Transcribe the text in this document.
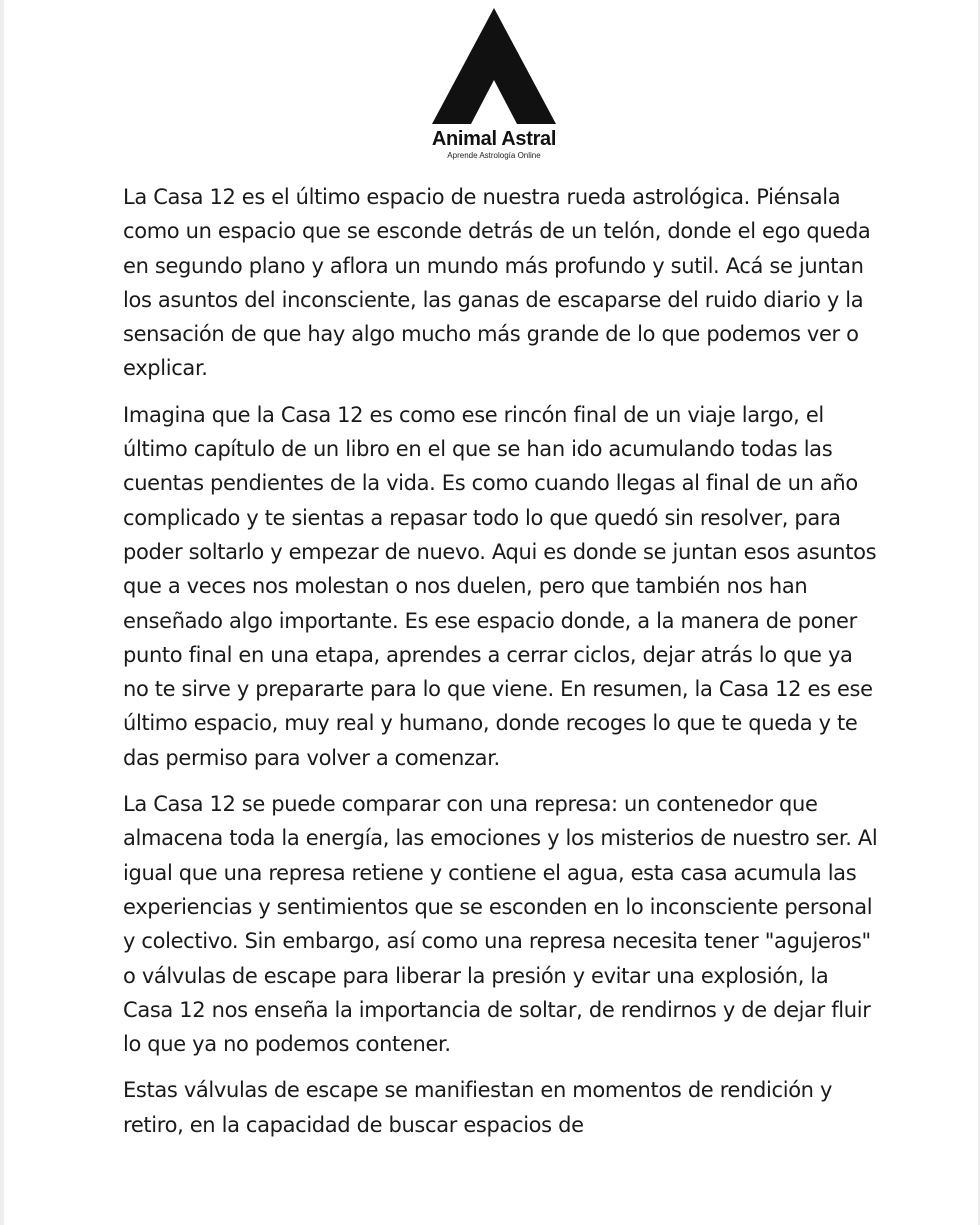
Animal Astral
Aprende Astrología Online

La Casa 12 es el último espacio de nuestra rueda astrológica. Piénsala como un espacio que se esconde detrás de un telón, donde el ego queda en segundo plano y aflora un mundo más profundo y sutil. Acá se juntan los asuntos del inconsciente, las ganas de escaparse del ruido diario y la sensación de que hay algo mucho más grande de lo que podemos ver o explicar.

Imagina que la Casa 12 es como ese rincón final de un viaje largo, el último capítulo de un libro en el que se han ido acumulando todas las cuentas pendientes de la vida. Es como cuando llegas al final de un año complicado y te sientas a repasar todo lo que quedó sin resolver, para poder soltarlo y empezar de nuevo. Aqui es donde se juntan esos asuntos que a veces nos molestan o nos duelen, pero que también nos han enseñado algo importante. Es ese espacio donde, a la manera de poner punto final en una etapa, aprendes a cerrar ciclos, dejar atrás lo que ya no te sirve y prepararte para lo que viene. En resumen, la Casa 12 es ese último espacio, muy real y humano, donde recoges lo que te queda y te das permiso para volver a comenzar.

La Casa 12 se puede comparar con una represa: un contenedor que almacena toda la energía, las emociones y los misterios de nuestro ser. Al igual que una represa retiene y contiene el agua, esta casa acumula las experiencias y sentimientos que se esconden en lo inconsciente personal y colectivo. Sin embargo, así como una represa necesita tener "agujeros" o válvulas de escape para liberar la presión y evitar una explosión, la Casa 12 nos enseña la importancia de soltar, de rendirnos y de dejar fluir lo que ya no podemos contener.

Estas válvulas de escape se manifiestan en momentos de rendición y retiro, en la capacidad de buscar espacios de
